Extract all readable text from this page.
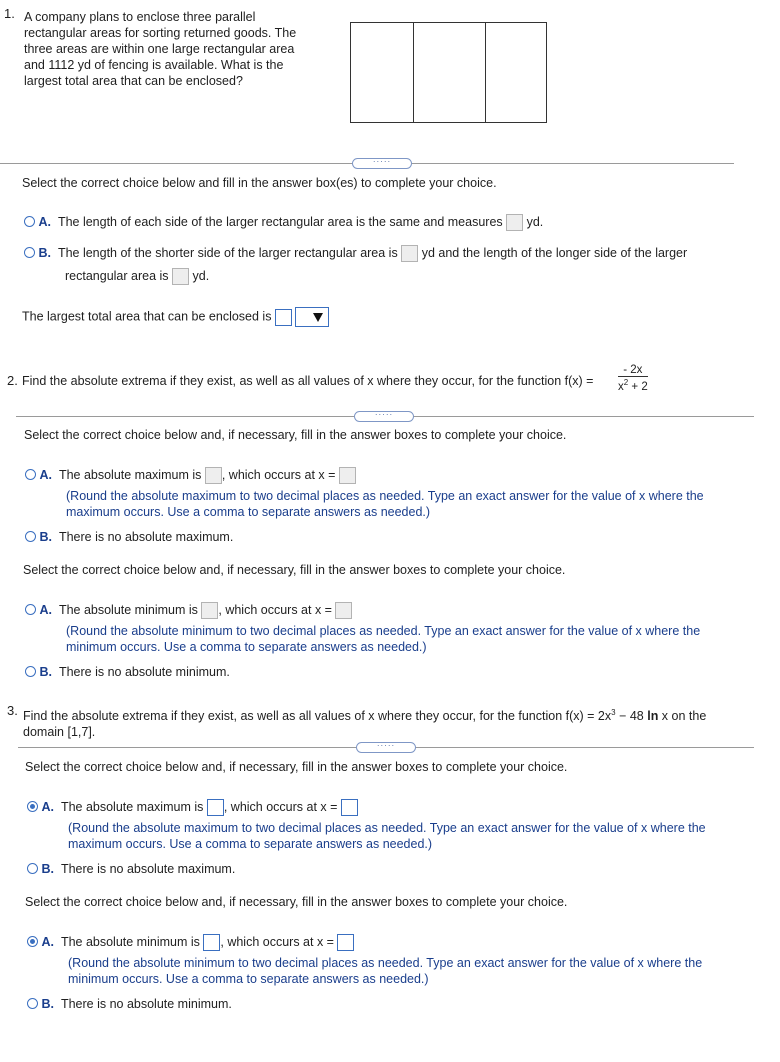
1. A company plans to enclose three parallel
rectangular areas for sorting returned goods. The
three areas are within one large rectangular area
and 1112 yd of fencing is available. What is the
largest total area that can be enclosed?
·····
Select the correct choice below and fill in the answer box(es) to complete your choice.
A. The length of each side of the larger rectangular area is the same and measures yd.
B. The length of the shorter side of the larger rectangular area is yd and the length of the longer side of the larger
rectangular area is yd.
The largest total area that can be enclosed is
2. Find the absolute extrema if they exist, as well as all values of x where they occur, for the function $f(x) = \frac{- 2x}{x^2 + 2}$
·····
Select the correct choice below and, if necessary, fill in the answer boxes to complete your choice.
A. The absolute maximum is , which occurs at x =
(Round the absolute maximum to two decimal places as needed. Type an exact answer for the value of x where the
maximum occurs. Use a comma to separate answers as needed.)
B. There is no absolute maximum.
Select the correct choice below and, if necessary, fill in the answer boxes to complete your choice.
A. The absolute minimum is , which occurs at x =
(Round the absolute minimum to two decimal places as needed. Type an exact answer for the value of x where the
minimum occurs. Use a comma to separate answers as needed.)
B. There is no absolute minimum.
3. Find the absolute extrema if they exist, as well as all values of x where they occur, for the function $f(x) = 2x^3 - 48$ ln x on the
domain [1,7].
·····
Select the correct choice below and, if necessary, fill in the answer boxes to complete your choice.
A. The absolute maximum is , which occurs at x =
(Round the absolute maximum to two decimal places as needed. Type an exact answer for the value of x where the
maximum occurs. Use a comma to separate answers as needed.)
B. There is no absolute maximum.
Select the correct choice below and, if necessary, fill in the answer boxes to complete your choice.
A. The absolute minimum is , which occurs at x =
(Round the absolute minimum to two decimal places as needed. Type an exact answer for the value of x where the
minimum occurs. Use a comma to separate answers as needed.)
B. There is no absolute minimum.
